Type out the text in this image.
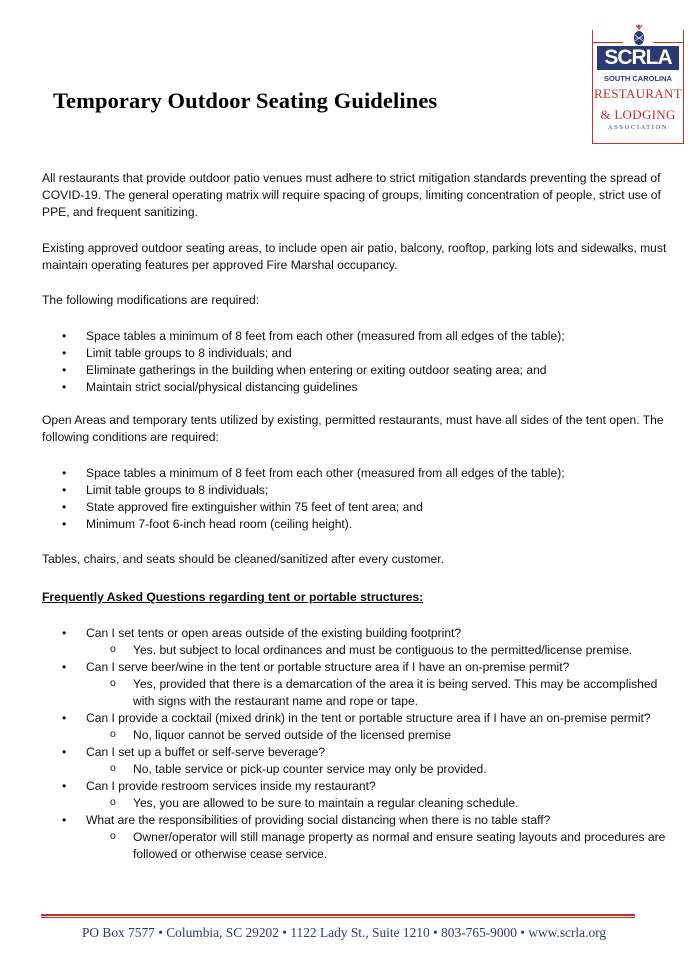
Temporary Outdoor Seating Guidelines
SCRLA
SOUTH CAROLINA
RESTAURANT
& LODGING
ASSOCIATION

All restaurants that provide outdoor patio venues must adhere to strict mitigation standards preventing the spread of COVID-19. The general operating matrix will require spacing of groups, limiting concentration of people, strict use of PPE, and frequent sanitizing.

Existing approved outdoor seating areas, to include open air patio, balcony, rooftop, parking lots and sidewalks, must maintain operating features per approved Fire Marshal occupancy.

The following modifications are required:

• Space tables a minimum of 8 feet from each other (measured from all edges of the table);
• Limit table groups to 8 individuals; and
• Eliminate gatherings in the building when entering or exiting outdoor seating area; and
• Maintain strict social/physical distancing guidelines

Open Areas and temporary tents utilized by existing, permitted restaurants, must have all sides of the tent open. The following conditions are required:

• Space tables a minimum of 8 feet from each other (measured from all edges of the table);
• Limit table groups to 8 individuals;
• State approved fire extinguisher within 75 feet of tent area; and
• Minimum 7-foot 6-inch head room (ceiling height).

Tables, chairs, and seats should be cleaned/sanitized after every customer.

Frequently Asked Questions regarding tent or portable structures:

• Can I set tents or open areas outside of the existing building footprint?
o Yes. but subject to local ordinances and must be contiguous to the permitted/license premise.
• Can I serve beer/wine in the tent or portable structure area if I have an on-premise permit?
o Yes, provided that there is a demarcation of the area it is being served. This may be accomplished with signs with the restaurant name and rope or tape.
• Can I provide a cocktail (mixed drink) in the tent or portable structure area if I have an on-premise permit?
o No, liquor cannot be served outside of the licensed premise
• Can I set up a buffet or self-serve beverage?
o No, table service or pick-up counter service may only be provided.
• Can I provide restroom services inside my restaurant?
o Yes, you are allowed to be sure to maintain a regular cleaning schedule.
• What are the responsibilities of providing social distancing when there is no table staff?
o Owner/operator will still manage property as normal and ensure seating layouts and procedures are followed or otherwise cease service.
PO Box 7577 • Columbia, SC 29202 • 1122 Lady St., Suite 1210 • 803-765-9000 • www.scrla.org
